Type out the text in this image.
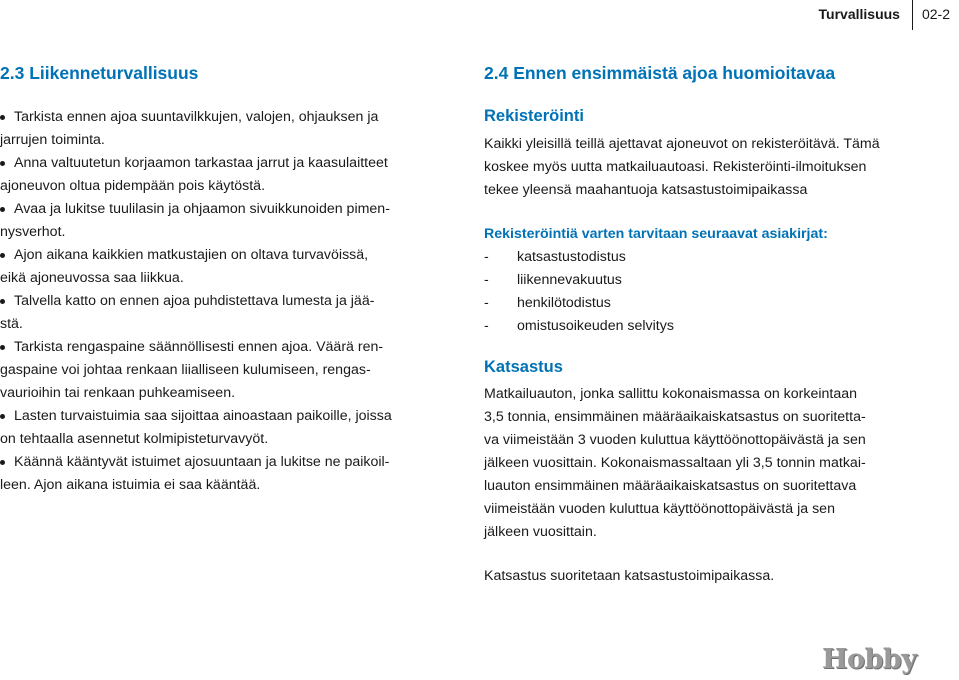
Turvallisuus	02-2
2.3 Liikenneturvallisuus
Tarkista ennen ajoa suuntavilkkujen, valojen, ohjauksen ja
jarrujen toiminta.
Anna valtuutetun korjaamon tarkastaa jarrut ja kaasulaitteet
ajoneuvon oltua pidempään pois käytöstä.
Avaa ja lukitse tuulilasin ja ohjaamon sivuikkunoiden pimen-
nysverhot.
Ajon aikana kaikkien matkustajien on oltava turvavöissä,
eikä ajoneuvossa saa liikkua.
Talvella katto on ennen ajoa puhdistettava lumesta ja jää-
stä.
Tarkista rengaspaine säännöllisesti ennen ajoa. Väärä ren-
gaspaine voi johtaa renkaan liialliseen kulumiseen, rengas-
vaurioihin tai renkaan puhkeamiseen.
Lasten turvaistuimia saa sijoittaa ainoastaan paikoille, joissa
on tehtaalla asennetut kolmipisteturvavyöt.
Käännä kääntyvät istuimet ajosuuntaan ja lukitse ne paikoil-
leen. Ajon aikana istuimia ei saa kääntää.
2.4 Ennen ensimmäistä ajoa huomioitavaa
Rekisteröinti
Kaikki yleisillä teillä ajettavat ajoneuvot on rekisteröitävä. Tämä
koskee myös uutta matkailuautoasi. Rekisteröinti-ilmoituksen
tekee yleensä maahantuoja katsastustoimipaikassa
Rekisteröintiä varten tarvitaan seuraavat asiakirjat:
-	katsastustodistus
-	liikennevakuutus
-	henkilötodistus
-	omistusoikeuden selvitys
Katsastus
Matkailuauton, jonka sallittu kokonaismassa on korkeintaan
3,5 tonnia, ensimmäinen määräaikaiskatsastus on suoritetta-
va viimeistään 3 vuoden kuluttua käyttöönottopäivästä ja sen
jälkeen vuosittain. Kokonaismassaltaan yli 3,5 tonnin matkai-
luauton ensimmäinen määräaikaiskatsastus on suoritettava
viimeistään vuoden kuluttua käyttöönottopäivästä ja sen
jälkeen vuosittain.
Katsastus suoritetaan katsastustoimipaikassa.
Hobby
